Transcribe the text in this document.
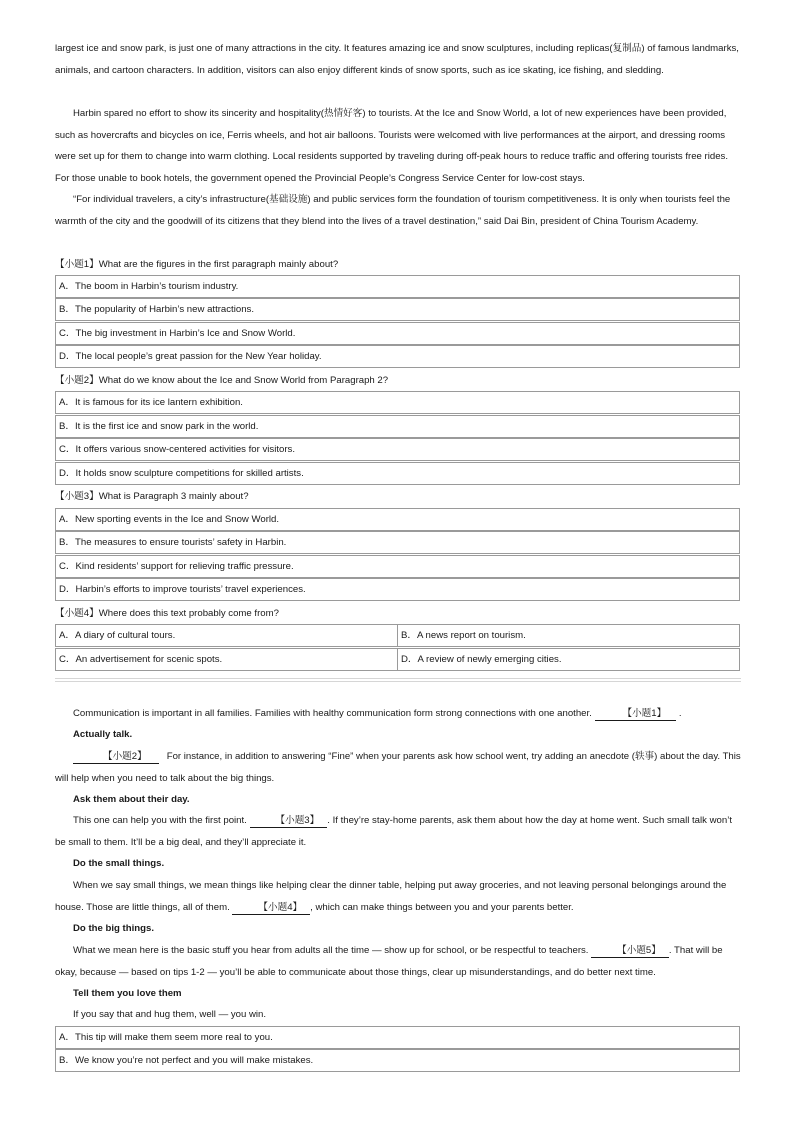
largest ice and snow park, is just one of many attractions in the city. It features amazing ice and snow sculptures, including replicas(复制品) of famous landmarks, animals, and cartoon characters. In addition, visitors can also enjoy different kinds of snow sports, such as ice skating, ice fishing, and sledding.

Harbin spared no effort to show its sincerity and hospitality(热情好客) to tourists. At the Ice and Snow World, a lot of new experiences have been provided, such as hovercrafts and bicycles on ice, Ferris wheels, and hot air balloons. Tourists were welcomed with live performances at the airport, and dressing rooms were set up for them to change into warm clothing. Local residents supported by traveling during off-peak hours to reduce traffic and offering tourists free rides. For those unable to book hotels, the government opened the Provincial People’s Congress Service Center for low-cost stays.

“For individual travelers, a city’s infrastructure(基础设施) and public services form the foundation of tourism competitiveness. It is only when tourists feel the warmth of the city and the goodwill of its citizens that they blend into the lives of a travel destination,” said Dai Bin, president of China Tourism Academy.

【小题1】What are the figures in the first paragraph mainly about?
A．The boom in Harbin’s tourism industry.
B．The popularity of Harbin’s new attractions.
C．The big investment in Harbin’s Ice and Snow World.
D．The local people’s great passion for the New Year holiday.
【小题2】What do we know about the Ice and Snow World from Paragraph 2?
A．It is famous for its ice lantern exhibition.
B．It is the first ice and snow park in the world.
C．It offers various snow-centered activities for visitors.
D．It holds snow sculpture competitions for skilled artists.
【小题3】What is Paragraph 3 mainly about?
A．New sporting events in the Ice and Snow World.
B．The measures to ensure tourists’ safety in Harbin.
C．Kind residents’ support for relieving traffic pressure.
D．Harbin’s efforts to improve tourists’ travel experiences.
【小题4】Where does this text probably come from?
A．A diary of cultural tours.	B．A news report on tourism.
C．An advertisement for scenic spots.	D．A review of newly emerging cities.

Communication is important in all families. Families with healthy communication form strong connections with one another.	【小题1】 .

Actually talk.

【小题2】 For instance, in addition to answering “Fine” when your parents ask how school went, try adding an anecdote (轶事) about the day. This will help when you need to talk about the big things.

Ask them about their day.

This one can help you with the first point.	【小题3】 . If they’re stay-home parents, ask them about how the day at home went. Such small talk won’t be small to them. It’ll be a big deal, and they’ll appreciate it.

Do the small things.

When we say small things, we mean things like helping clear the dinner table, helping put away groceries, and not leaving personal belongings around the house. Those are little things, all of them.	【小题4】 , which can make things between you and your parents better.

Do the big things.

What we mean here is the basic stuff you hear from adults all the time — show up for school, or be respectful to teachers.	【小题5】 . That will be okay, because — based on tips 1-2 — you’ll be able to communicate about those things, clear up misunderstandings, and do better next time.

Tell them you love them

If you say that and hug them, well — you win.

A．This tip will make them seem more real to you.
B．We know you’re not perfect and you will make mistakes.
